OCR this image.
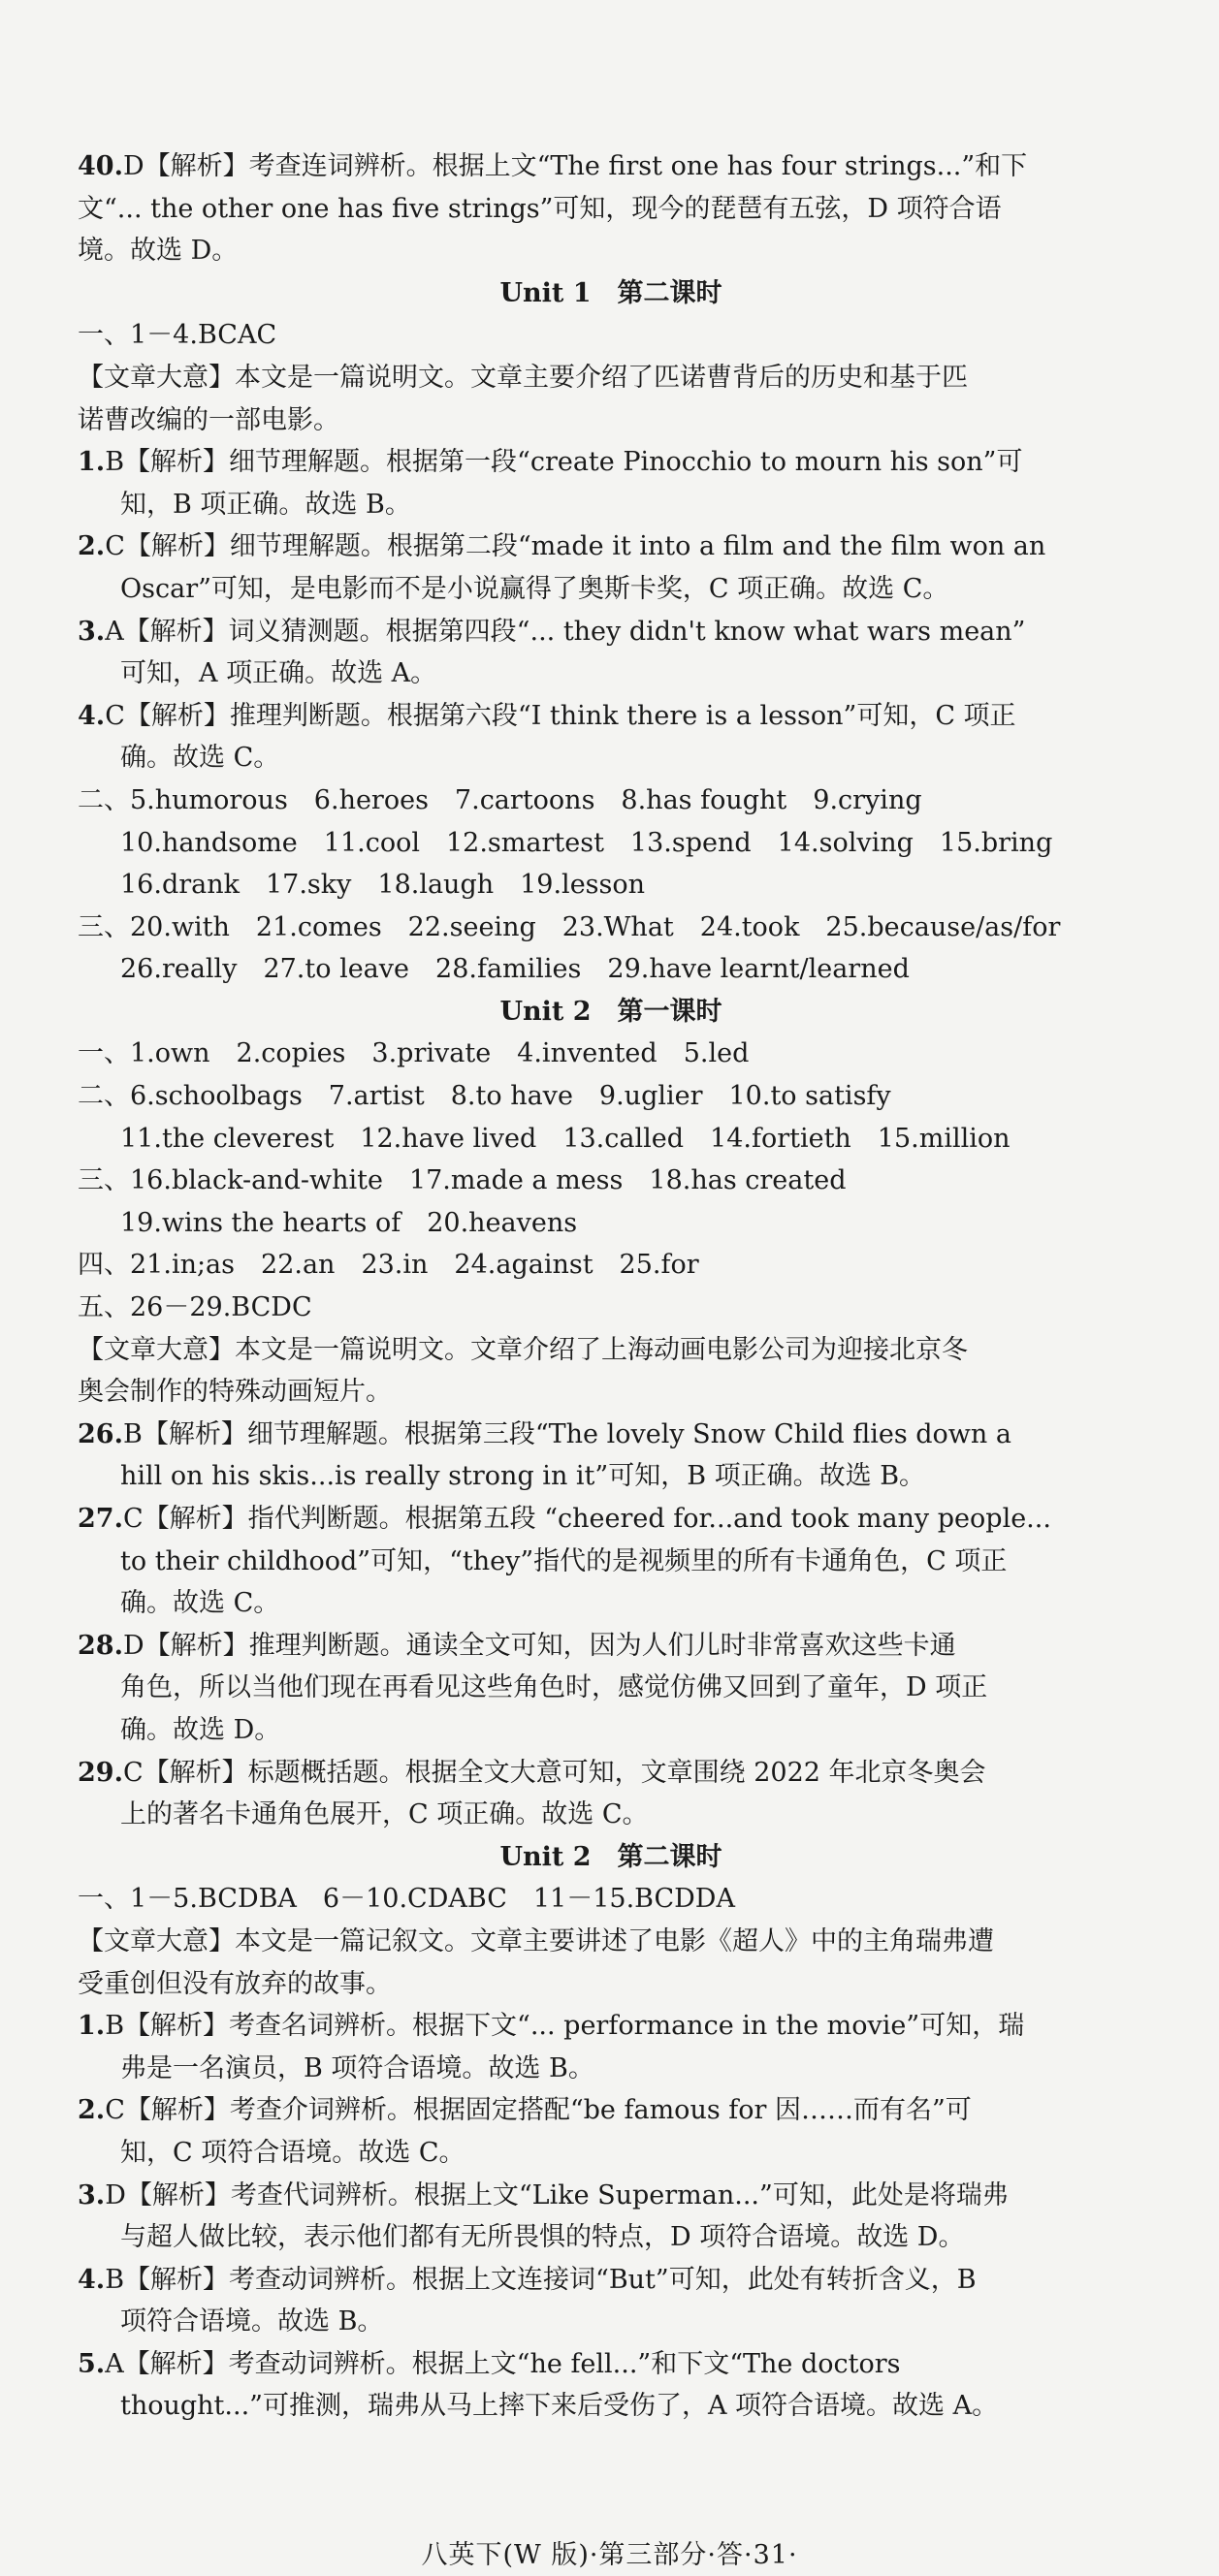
40.D【解析】考查连词辨析。根据上文“The first one has four strings...”和下
文“... the other one has five strings”可知，现今的琵琶有五弦，D 项符合语
境。故选 D。
Unit 1　第二课时
一、1－4.BCAC
【文章大意】本文是一篇说明文。文章主要介绍了匹诺曹背后的历史和基于匹
诺曹改编的一部电影。
1.B【解析】细节理解题。根据第一段“create Pinocchio to mourn his son”可
知，B 项正确。故选 B。
2.C【解析】细节理解题。根据第二段“made it into a film and the film won an
Oscar”可知，是电影而不是小说赢得了奥斯卡奖，C 项正确。故选 C。
3.A【解析】词义猜测题。根据第四段“... they didn't know what wars mean”
可知，A 项正确。故选 A。
4.C【解析】推理判断题。根据第六段“I think there is a lesson”可知，C 项正
确。故选 C。
二、5.humorous　6.heroes　7.cartoons　8.has fought　9.crying
10.handsome　11.cool　12.smartest　13.spend　14.solving　15.bring
16.drank　17.sky　18.laugh　19.lesson
三、20.with　21.comes　22.seeing　23.What　24.took　25.because/as/for
26.really　27.to leave　28.families　29.have learnt/learned
Unit 2　第一课时
一、1.own　2.copies　3.private　4.invented　5.led
二、6.schoolbags　7.artist　8.to have　9.uglier　10.to satisfy
11.the cleverest　12.have lived　13.called　14.fortieth　15.million
三、16.black-and-white　17.made a mess　18.has created
19.wins the hearts of　20.heavens
四、21.in;as　22.an　23.in　24.against　25.for
五、26－29.BCDC
【文章大意】本文是一篇说明文。文章介绍了上海动画电影公司为迎接北京冬
奥会制作的特殊动画短片。
26.B【解析】细节理解题。根据第三段“The lovely Snow Child flies down a
hill on his skis...is really strong in it”可知，B 项正确。故选 B。
27.C【解析】指代判断题。根据第五段 “cheered for...and took many people...
to their childhood”可知，“they”指代的是视频里的所有卡通角色，C 项正
确。故选 C。
28.D【解析】推理判断题。通读全文可知，因为人们儿时非常喜欢这些卡通
角色，所以当他们现在再看见这些角色时，感觉仿佛又回到了童年，D 项正
确。故选 D。
29.C【解析】标题概括题。根据全文大意可知，文章围绕 2022 年北京冬奥会
上的著名卡通角色展开，C 项正确。故选 C。
Unit 2　第二课时
一、1－5.BCDBA　6－10.CDABC　11－15.BCDDA
【文章大意】本文是一篇记叙文。文章主要讲述了电影《超人》中的主角瑞弗遭
受重创但没有放弃的故事。
1.B【解析】考查名词辨析。根据下文“... performance in the movie”可知，瑞
弗是一名演员，B 项符合语境。故选 B。
2.C【解析】考查介词辨析。根据固定搭配“be famous for 因……而有名”可
知，C 项符合语境。故选 C。
3.D【解析】考查代词辨析。根据上文“Like Superman...”可知，此处是将瑞弗
与超人做比较，表示他们都有无所畏惧的特点，D 项符合语境。故选 D。
4.B【解析】考查动词辨析。根据上文连接词“But”可知，此处有转折含义，B
项符合语境。故选 B。
5.A【解析】考查动词辨析。根据上文“he fell...”和下文“The doctors
thought...”可推测，瑞弗从马上摔下来后受伤了，A 项符合语境。故选 A。
八英下(W 版)·第三部分·答·31·
